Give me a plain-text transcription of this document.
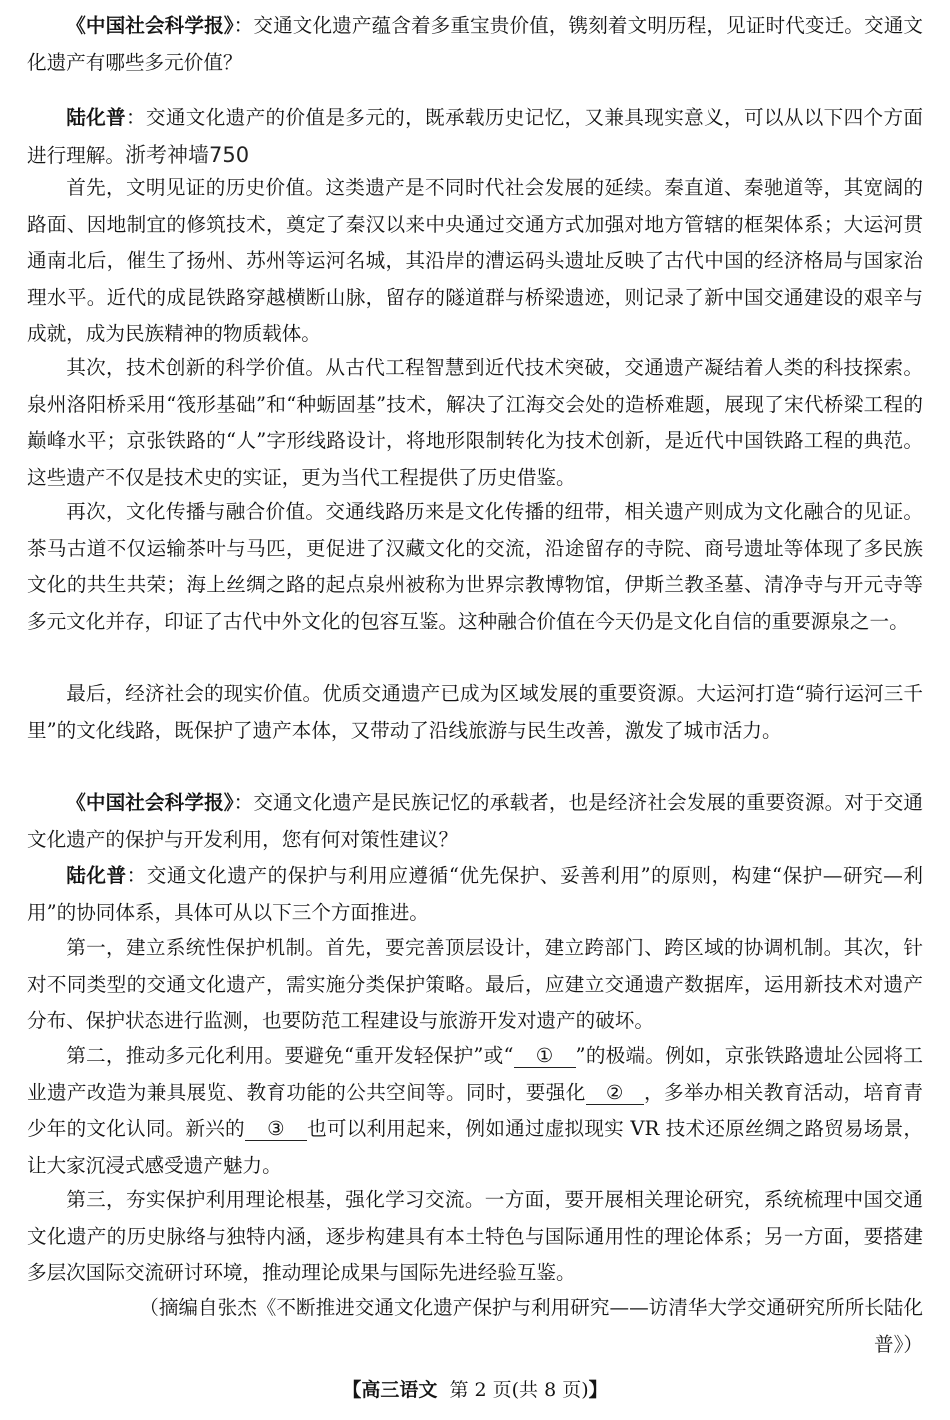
《中国社会科学报》：交通文化遗产蕴含着多重宝贵价值，镌刻着文明历程，见证时代变迁。交通文化遗产有哪些多元价值？

陆化普：交通文化遗产的价值是多元的，既承载历史记忆，又兼具现实意义，可以从以下四个方面进行理解。浙考神墙750

首先，文明见证的历史价值。这类遗产是不同时代社会发展的延续。秦直道、秦驰道等，其宽阔的路面、因地制宜的修筑技术，奠定了秦汉以来中央通过交通方式加强对地方管辖的框架体系；大运河贯通南北后，催生了扬州、苏州等运河名城，其沿岸的漕运码头遗址反映了古代中国的经济格局与国家治理水平。近代的成昆铁路穿越横断山脉，留存的隧道群与桥梁遗迹，则记录了新中国交通建设的艰辛与成就，成为民族精神的物质载体。

其次，技术创新的科学价值。从古代工程智慧到近代技术突破，交通遗产凝结着人类的科技探索。泉州洛阳桥采用“筏形基础”和“种蛎固基”技术，解决了江海交会处的造桥难题，展现了宋代桥梁工程的巅峰水平；京张铁路的“人”字形线路设计，将地形限制转化为技术创新，是近代中国铁路工程的典范。这些遗产不仅是技术史的实证，更为当代工程提供了历史借鉴。

再次，文化传播与融合价值。交通线路历来是文化传播的纽带，相关遗产则成为文化融合的见证。茶马古道不仅运输茶叶与马匹，更促进了汉藏文化的交流，沿途留存的寺院、商号遗址等体现了多民族文化的共生共荣；海上丝绸之路的起点泉州被称为世界宗教博物馆，伊斯兰教圣墓、清净寺与开元寺等多元文化并存，印证了古代中外文化的包容互鉴。这种融合价值在今天仍是文化自信的重要源泉之一。

最后，经济社会的现实价值。优质交通遗产已成为区域发展的重要资源。大运河打造“骑行运河三千里”的文化线路，既保护了遗产本体，又带动了沿线旅游与民生改善，激发了城市活力。

《中国社会科学报》：交通文化遗产是民族记忆的承载者，也是经济社会发展的重要资源。对于交通文化遗产的保护与开发利用，您有何对策性建议？

陆化普：交通文化遗产的保护与利用应遵循“优先保护、妥善利用”的原则，构建“保护—研究—利用”的协同体系，具体可从以下三个方面推进。

第一，建立系统性保护机制。首先，要完善顶层设计，建立跨部门、跨区域的协调机制。其次，针对不同类型的交通文化遗产，需实施分类保护策略。最后，应建立交通遗产数据库，运用新技术对遗产分布、保护状态进行监测，也要防范工程建设与旅游开发对遗产的破坏。

第二，推动多元化利用。要避免“重开发轻保护”或“ ① ”的极端。例如，京张铁路遗址公园将工业遗产改造为兼具展览、教育功能的公共空间等。同时，要强化 ② ，多举办相关教育活动，培育青少年的文化认同。新兴的 ③ 也可以利用起来，例如通过虚拟现实 VR 技术还原丝绸之路贸易场景，让大家沉浸式感受遗产魅力。

第三，夯实保护利用理论根基，强化学习交流。一方面，要开展相关理论研究，系统梳理中国交通文化遗产的历史脉络与独特内涵，逐步构建具有本土特色与国际通用性的理论体系；另一方面，要搭建多层次国际交流研讨环境，推动理论成果与国际先进经验互鉴。

（摘编自张杰《不断推进交通文化遗产保护与利用研究——访清华大学交通研究所所长陆化普》）

【高三语文 第 2 页(共 8 页)】
